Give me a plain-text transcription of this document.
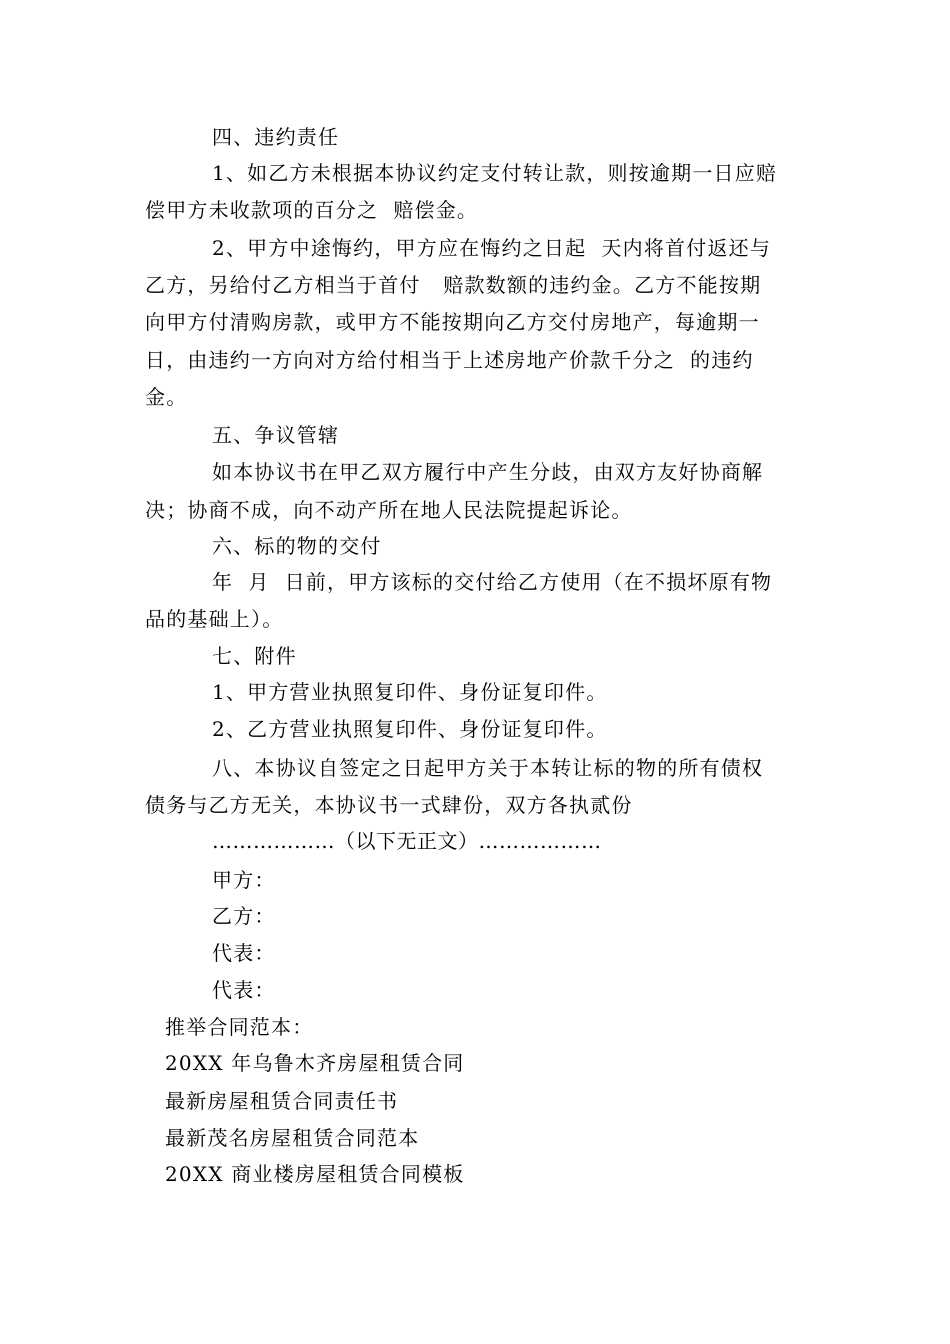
四、违约责任
1、如乙方未根据本协议约定支付转让款，则按逾期一日应赔
偿甲方未收款项的百分之  赔偿金。
2、甲方中途悔约，甲方应在悔约之日起  天内将首付返还与
乙方，另给付乙方相当于首付   赔款数额的违约金。乙方不能按期
向甲方付清购房款，或甲方不能按期向乙方交付房地产，每逾期一
日，由违约一方向对方给付相当于上述房地产价款千分之  的违约
金。
五、争议管辖
如本协议书在甲乙双方履行中产生分歧，由双方友好协商解
决；协商不成，向不动产所在地人民法院提起诉论。
六、标的物的交付
年  月  日前，甲方该标的交付给乙方使用（在不损坏原有物
品的基础上）。
七、附件
1、甲方营业执照复印件、身份证复印件。
2、乙方营业执照复印件、身份证复印件。
八、本协议自签定之日起甲方关于本转让标的物的所有债权
债务与乙方无关，本协议书一式肆份，双方各执贰份
………………（以下无正文）………………
甲方：
乙方：
代表：
代表：
推举合同范本：
20XX 年乌鲁木齐房屋租赁合同
最新房屋租赁合同责任书
最新茂名房屋租赁合同范本
20XX 商业楼房屋租赁合同模板
